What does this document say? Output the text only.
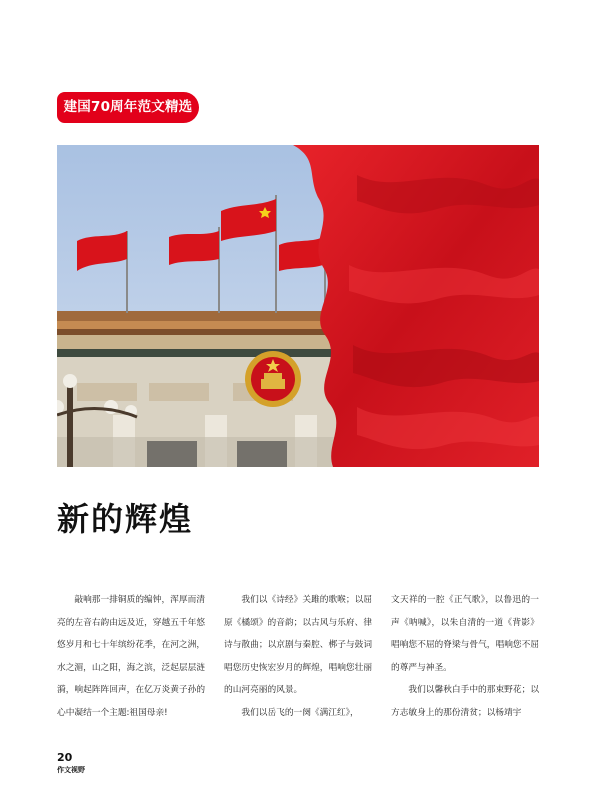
建国70周年范文精选
新的辉煌

敲响那一排铜质的编钟，浑厚而清亮的左音右韵由远及近，穿越五千年悠悠岁月和七十年缤纷花季，在河之洲，水之湄，山之阳，海之滨，泛起层层涟漪，响起阵阵回声，在亿万炎黄子孙的心中凝结一个主题:祖国母亲!

我们以《诗经》关雎的歌喉；以屈原《橘颂》的音韵；以古风与乐府、律诗与散曲；以京剧与秦腔、梆子与鼓词唱您历史恢宏岁月的辉煌，唱响您壮丽的山河亮丽的风景。

我们以岳飞的一阕《满江红》，

文天祥的一腔《正气歌》，以鲁迅的一声《呐喊》，以朱自清的一道《背影》唱响您不屈的脊梁与骨气，唱响您不屈的尊严与神圣。

我们以馨秋白手中的那束野花；以方志敏身上的那份清贫；以杨靖宇

20
作文视野
